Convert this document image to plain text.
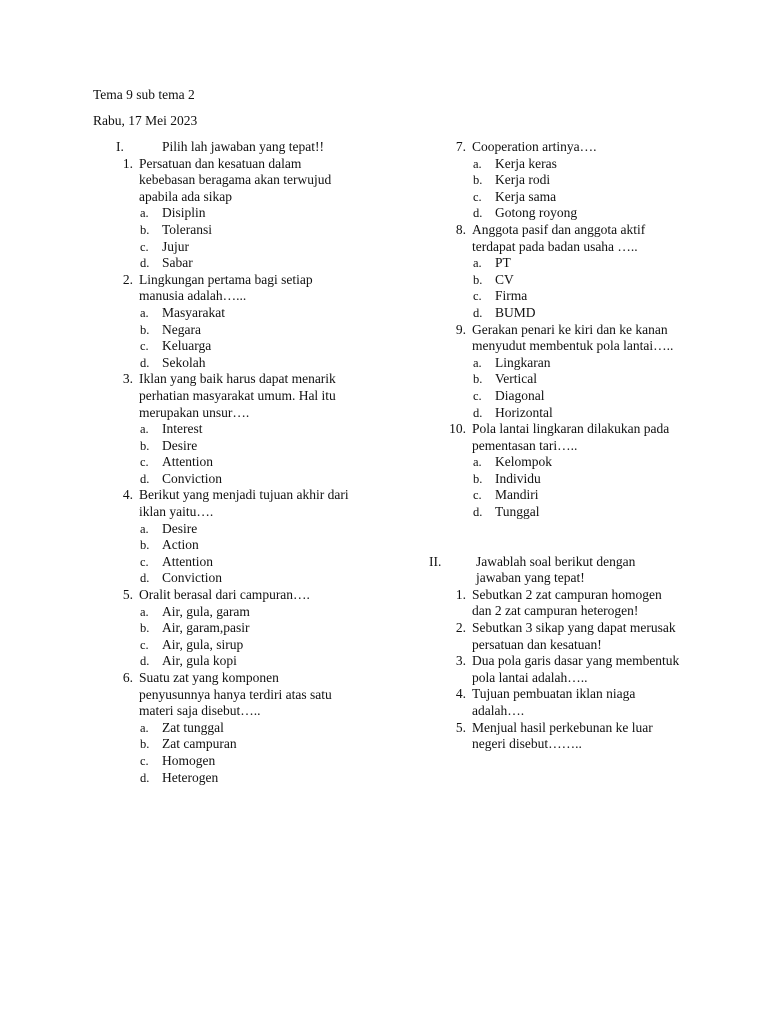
Tema 9 sub tema 2
Rabu, 17 Mei 2023
I.	Pilih lah jawaban yang tepat!!
1. Persatuan dan kesatuan dalam
kebebasan beragama akan terwujud
apabila ada sikap
a. Disiplin
b. Toleransi
c. Jujur
d. Sabar
2. Lingkungan pertama bagi setiap
manusia adalah…...
a. Masyarakat
b. Negara
c. Keluarga
d. Sekolah
3. Iklan yang baik harus dapat menarik
perhatian masyarakat umum. Hal itu
merupakan unsur….
a. Interest
b. Desire
c. Attention
d. Conviction
4. Berikut yang menjadi tujuan akhir dari
iklan yaitu….
a. Desire
b. Action
c. Attention
d. Conviction
5. Oralit berasal dari campuran….
a. Air, gula, garam
b. Air, garam,pasir
c. Air, gula, sirup
d. Air, gula kopi
6. Suatu zat yang komponen
penyusunnya hanya terdiri atas satu
materi saja disebut…..
a. Zat tunggal
b. Zat campuran
c. Homogen
d. Heterogen
7. Cooperation artinya….
a. Kerja keras
b. Kerja rodi
c. Kerja sama
d. Gotong royong
8. Anggota pasif dan anggota aktif
terdapat pada badan usaha …..
a. PT
b. CV
c. Firma
d. BUMD
9. Gerakan penari ke kiri dan ke kanan
menyudut membentuk pola lantai…..
a. Lingkaran
b. Vertical
c. Diagonal
d. Horizontal
10. Pola lantai lingkaran dilakukan pada
pementasan tari…..
a. Kelompok
b. Individu
c. Mandiri
d. Tunggal
II.	Jawablah soal berikut dengan
jawaban yang tepat!
1. Sebutkan 2 zat campuran homogen
dan 2 zat campuran heterogen!
2. Sebutkan 3 sikap yang dapat merusak
persatuan dan kesatuan!
3. Dua pola garis dasar yang membentuk
pola lantai adalah…..
4. Tujuan pembuatan iklan niaga
adalah….
5. Menjual hasil perkebunan ke luar
negeri disebut……..
